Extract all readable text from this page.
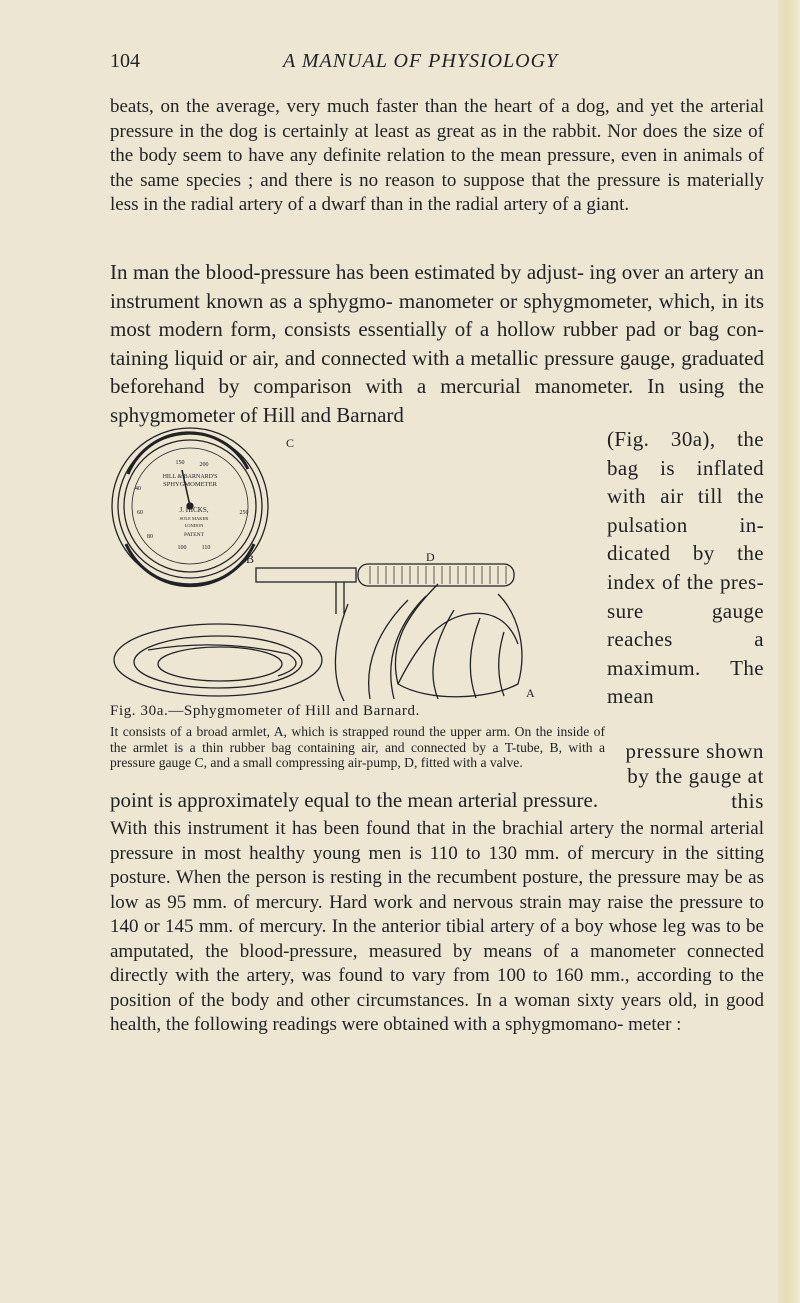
104	A MANUAL OF PHYSIOLOGY

beats, on the average, very much faster than the heart of a dog, and yet the arterial pressure in the dog is certainly at least as great as in the rabbit. Nor does the size of the body seem to have any definite relation to the mean pressure, even in animals of the same species ; and there is no reason to suppose that the pressure is materially less in the radial artery of a dwarf than in the radial artery of a giant.

In man the blood-pressure has been estimated by adjust- ing over an artery an instrument known as a sphygmo- manometer or sphygmometer, which, in its most modern form, consists essentially of a hollow rubber pad or bag con- taining liquid or air, and connected with a metallic pressure gauge, graduated beforehand by comparison with a mercurial manometer. In using the sphygmometer of Hill and Barnard

(Fig. 30a), the bag is inflated with air till the pulsation in- dicated by the index of the pres- sure gauge reaches a maximum. The mean

pressure shown by the gauge at this

point is approximately equal to the mean arterial pressure.

C
B	D
A
HILL & BARNARD'S
SPHYGMOMETER
J. HICKS,
SOLE MAKER
LONDON
PATENT
100	110
200
150
60
80
40
250
Fig. 30a.—Sphygmometer of Hill and Barnard.

It consists of a broad armlet, A, which is strapped round the upper arm. On the inside of the armlet is a thin rubber bag containing air, and connected by a T-tube, B, with a pressure gauge C, and a small compressing air-pump, D, fitted with a valve.

With this instrument it has been found that in the brachial artery the normal arterial pressure in most healthy young men is 110 to 130 mm. of mercury in the sitting posture. When the person is resting in the recumbent posture, the pressure may be as low as 95 mm. of mercury. Hard work and nervous strain may raise the pressure to 140 or 145 mm. of mercury. In the anterior tibial artery of a boy whose leg was to be amputated, the blood-pressure, measured by means of a manometer connected directly with the artery, was found to vary from 100 to 160 mm., according to the position of the body and other circumstances. In a woman sixty years old, in good health, the following readings were obtained with a sphygmomano- meter :
